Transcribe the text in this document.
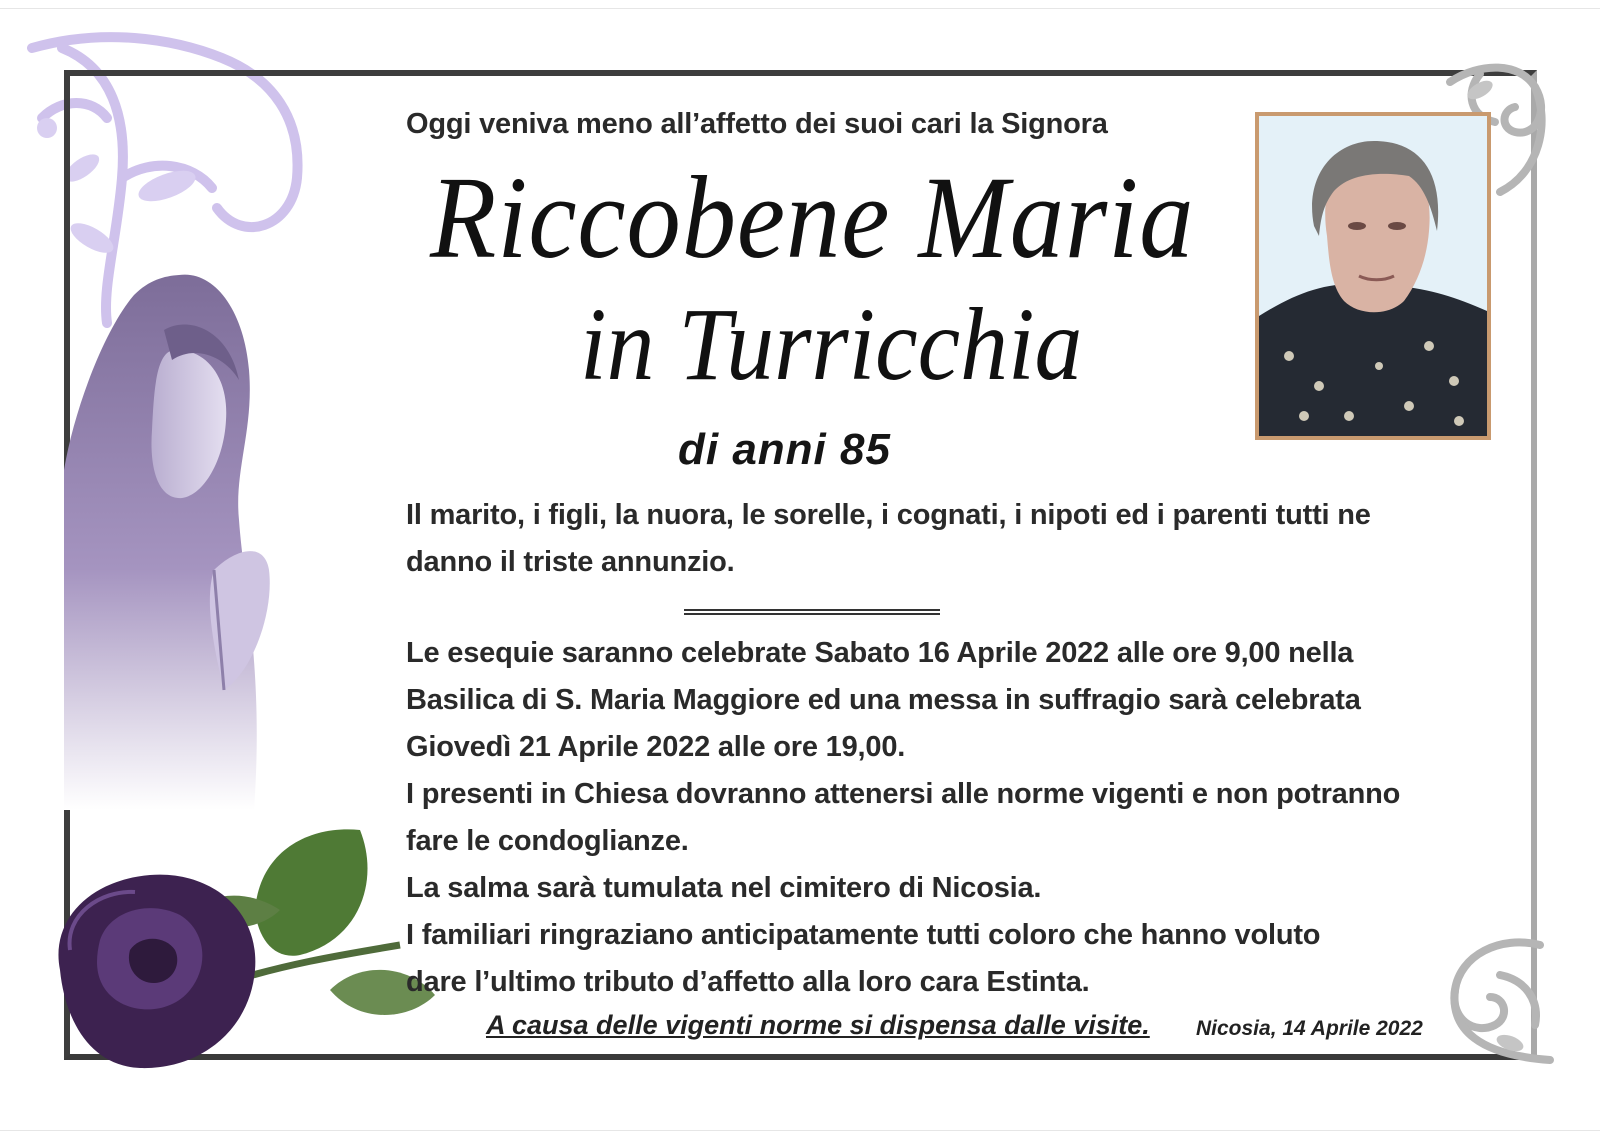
Oggi veniva meno all’affetto dei suoi cari la Signora
Riccobene Maria
in Turricchia
di anni 85
Il marito, i figli, la nuora, le sorelle, i cognati, i nipoti ed i parenti tutti ne
danno il triste annunzio.
Le esequie saranno celebrate Sabato 16 Aprile 2022 alle ore 9,00 nella
Basilica di S. Maria Maggiore ed una messa in suffragio sarà celebrata
Giovedì 21 Aprile 2022 alle ore 19,00.
I presenti in Chiesa dovranno attenersi alle norme vigenti e non potranno
fare le condoglianze.
La salma sarà tumulata nel cimitero di Nicosia.
I familiari ringraziano anticipatamente tutti coloro che hanno voluto
dare l’ultimo tributo d’affetto alla loro cara Estinta.
A causa delle vigenti norme si dispensa dalle visite. Nicosia, 14 Aprile 2022
